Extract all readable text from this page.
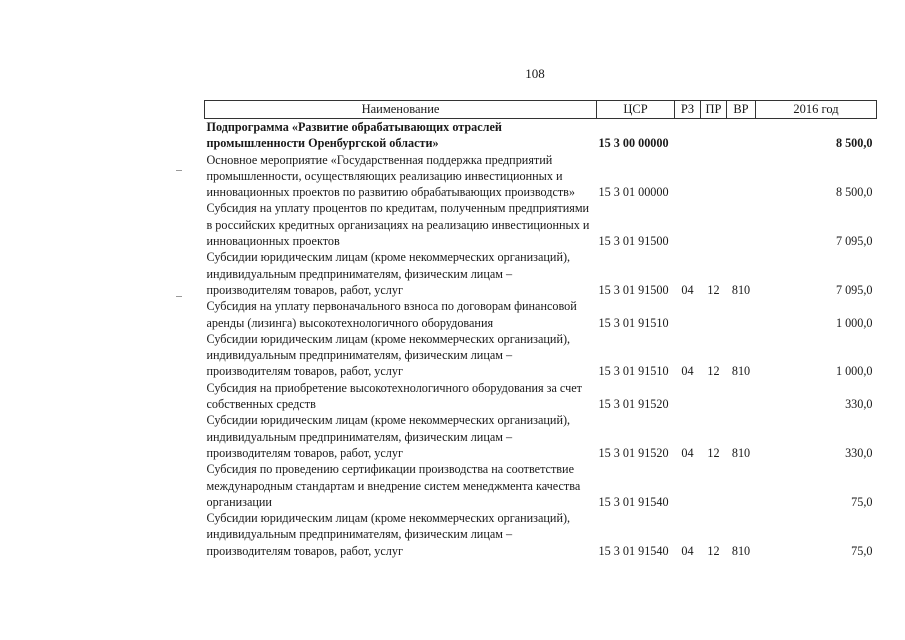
108
Наименование	ЦСР	РЗ	ПР	ВР	2016 год
Подпрограмма «Развитие обрабатывающих отраслей промышленности Оренбургской области»	15 3 00 00000				8 500,0
Основное мероприятие «Государственная поддержка предприятий промышленности, осуществляющих реализацию инвестиционных и инновационных проектов по развитию обрабатывающих производств»	15 3 01 00000				8 500,0
Субсидия на уплату процентов по кредитам, полученным предприятиями в российских кредитных организациях на реализацию инвестиционных и инновационных проектов	15 3 01 91500				7 095,0
Субсидии юридическим лицам (кроме некоммерческих организаций), индивидуальным предпринимателям, физическим лицам – производителям товаров, работ, услуг	15 3 01 91500	04	12	810	7 095,0
Субсидия на уплату первоначального взноса по договорам финансовой аренды (лизинга) высокотехнологичного оборудования	15 3 01 91510				1 000,0
Субсидии юридическим лицам (кроме некоммерческих организаций), индивидуальным предпринимателям, физическим лицам – производителям товаров, работ, услуг	15 3 01 91510	04	12	810	1 000,0
Субсидия на приобретение высокотехнологичного оборудования за счет собственных средств	15 3 01 91520				330,0
Субсидии юридическим лицам (кроме некоммерческих организаций), индивидуальным предпринимателям, физическим лицам – производителям товаров, работ, услуг	15 3 01 91520	04	12	810	330,0
Субсидия по проведению сертификации производства на соответствие международным стандартам и внедрение систем менеджмента качества организации	15 3 01 91540				75,0
Субсидии юридическим лицам (кроме некоммерческих организаций), индивидуальным предпринимателям, физическим лицам – производителям товаров, работ, услуг	15 3 01 91540	04	12	810	75,0
